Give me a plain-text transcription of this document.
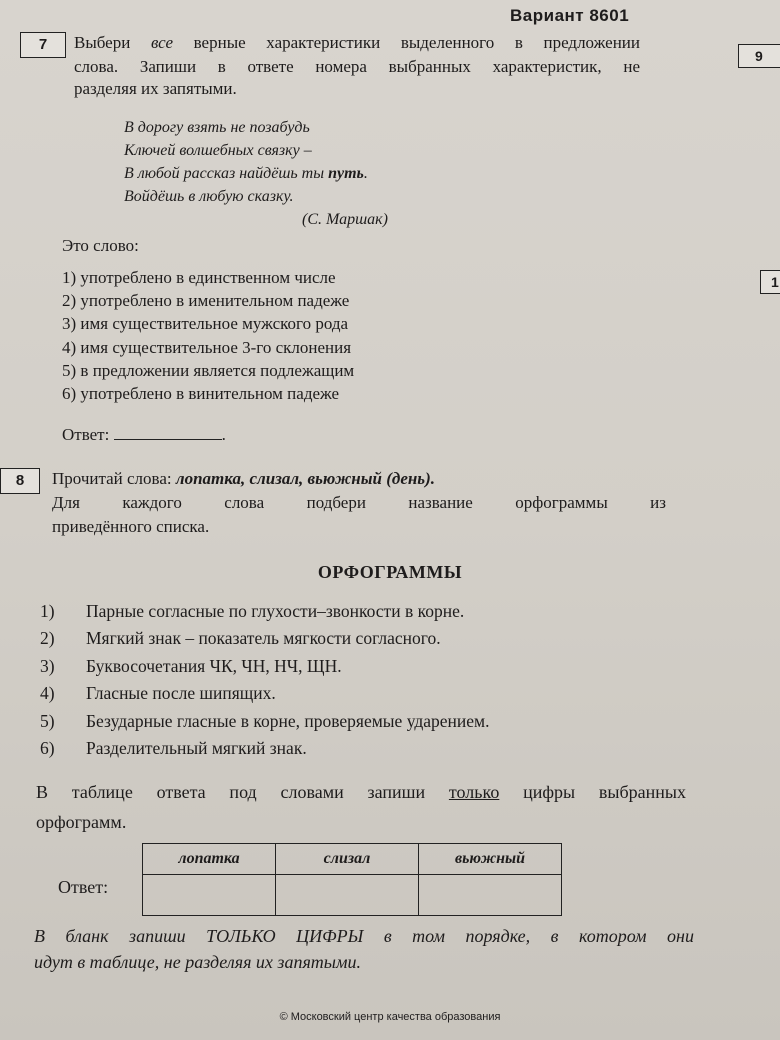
Вариант 8601
9
1
7	Выбери все верные характеристики выделенного в предложении
слова. Запиши в ответе номера выбранных характеристик, не
разделяя их запятыми.
В дорогу взять не позабудь
Ключей волшебных связку –
В любой рассказ найдёшь ты путь.
Войдёшь в любую сказку.
(С. Маршак)
Это слово:
1) употреблено в единственном числе
2) употреблено в именительном падеже
3) имя существительное мужского рода
4) имя существительное 3-го склонения
5) в предложении является подлежащим
6) употреблено в винительном падеже
Ответ:	.
8	Прочитай слова: лопатка, слизал, вьюжный (день).
Для каждого слова подбери название орфограммы из
приведённого списка.
ОРФОГРАММЫ
1) Парные согласные по глухости–звонкости в корне.
2) Мягкий знак – показатель мягкости согласного.
3) Буквосочетания ЧК, ЧН, НЧ, ЩН.
4) Гласные после шипящих.
5) Безударные гласные в корне, проверяемые ударением.
6) Разделительный мягкий знак.
В таблице ответа под словами запиши только цифры выбранных
орфограмм.
Ответ:
лопатка	слизал	вьюжный

В бланк запиши ТОЛЬКО ЦИФРЫ в том порядке, в котором они
идут в таблице, не разделяя их запятыми.
© Московский центр качества образования
